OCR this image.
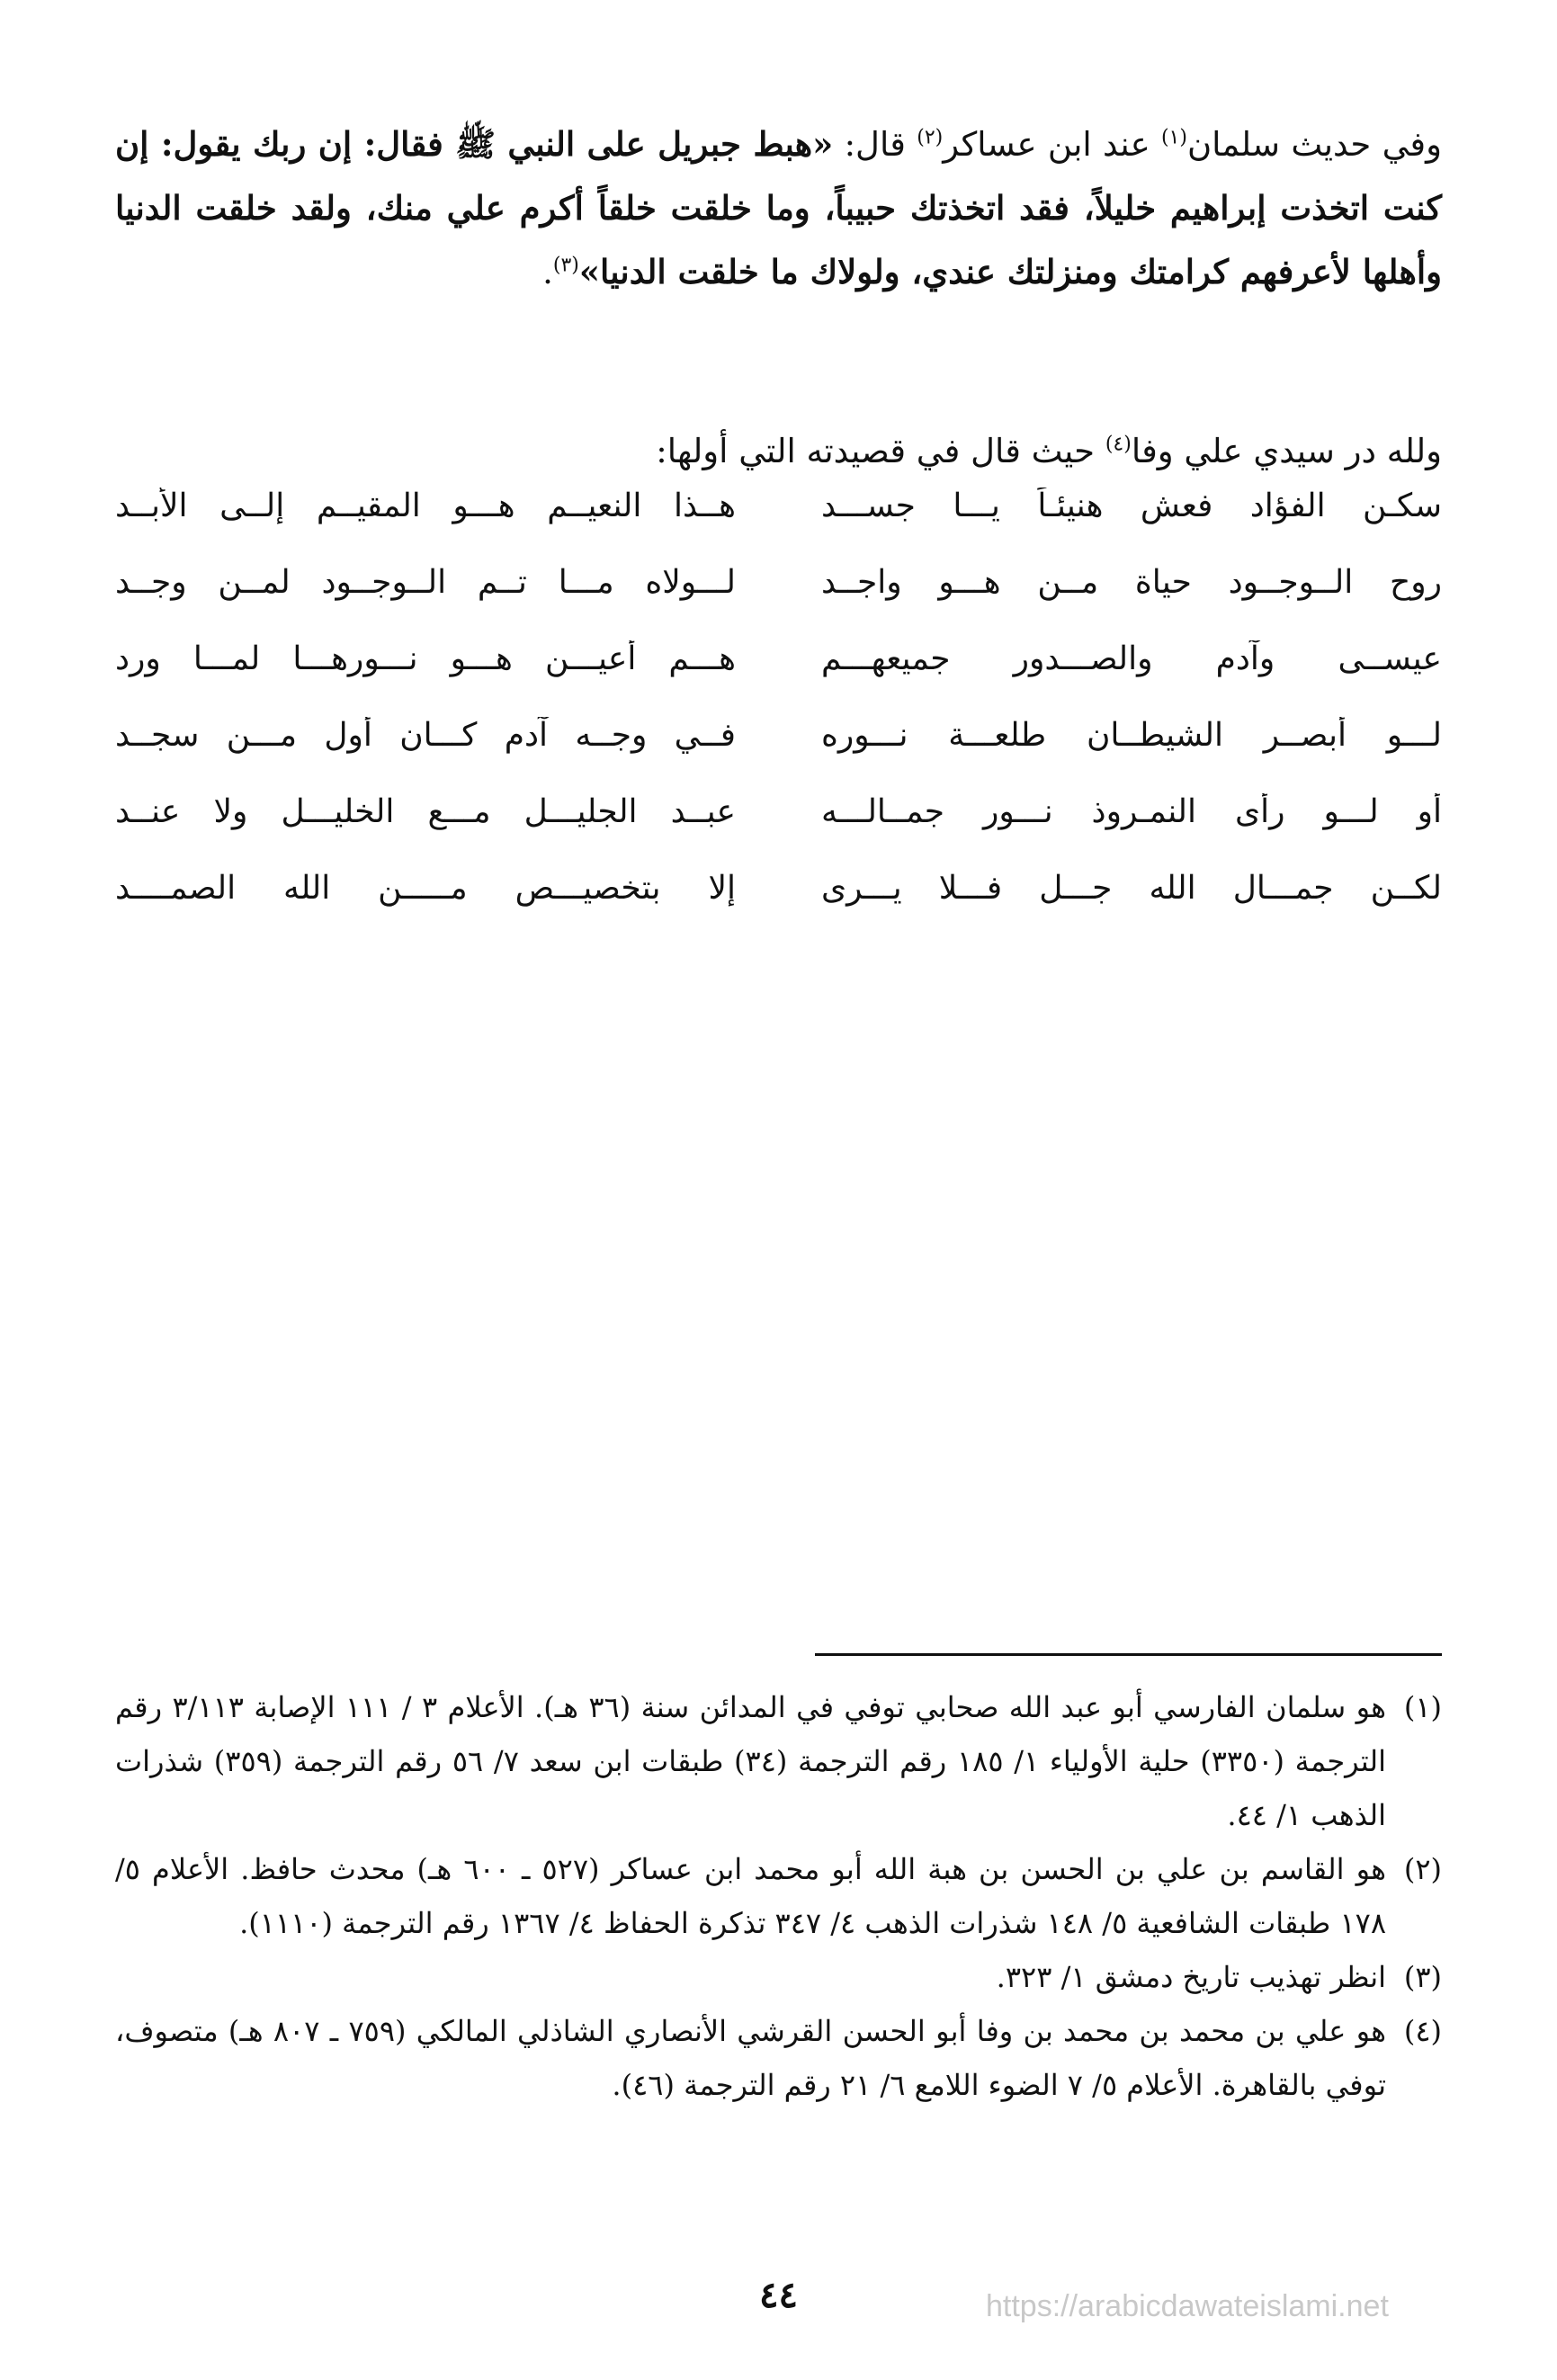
وفي حديث سلمان$^{(١)}$ عند ابن عساكر$^{(٢)}$ قال: «هبط جبريل على النبي ﷺ فقال: إن ربك يقول: إن كنت اتخذت إبراهيم خليلاً، فقد اتخذتك حبيباً، وما خلقت خلقاً أكرم علي منك، ولقد خلقت الدنيا وأهلها لأعرفهم كرامتك ومنزلتك عندي، ولولاك ما خلقت الدنيا»$^{(٣)}$.

ولله در سيدي علي وفا$^{(٤)}$ حيث قال في قصيدته التي أولها:

سكـن الفؤاد فعش هنيئـاً يـــا جســـد
هــذا النعيــم هـــو المقيــم إلــى الأبــد
روح الــوجــود حياة مــن هـــو واجــد
لـــولاه مـــا تــم الــوجــود لمــن وجــد
عيســى وآدم والصـــدور جميعهـــم
هـــم أعيـــن هـــو نـــورهـــا لمـــا ورد
لـــو أبصــر الشيطــان طلعـــة نـــوره
فــي وجــه آدم كـــان أول مـــن سجــد
أو لـــو رأى النمـروذ نـــور جمــالـــه
عبــد الجليـــل مـــع الخليـــل ولا عنــد
لكــن جمـــال الله جـــل فـــلا يـــرى
إلا بتخصيـــص مـــــن الله الصمــــد

(١)هو سلمان الفارسي أبو عبد الله صحابي توفي في المدائن سنة (٣٦ هـ). الأعلام ٣ / ١١١ الإصابة ٣/١١٣ رقم الترجمة (٣٣٥٠) حلية الأولياء ١/ ١٨٥ رقم الترجمة (٣٤) طبقات ابن سعد ٧/ ٥٦ رقم الترجمة (٣٥٩) شذرات الذهب ١/ ٤٤.

(٢)هو القاسم بن علي بن الحسن بن هبة الله أبو محمد ابن عساكر (٥٢٧ ـ ٦٠٠ هـ) محدث حافظ. الأعلام ٥/ ١٧٨ طبقات الشافعية ٥/ ١٤٨ شذرات الذهب ٤/ ٣٤٧ تذكرة الحفاظ ٤/ ١٣٦٧ رقم الترجمة (١١١٠).

(٣)انظر تهذيب تاريخ دمشق ١/ ٣٢٣.

(٤)هو علي بن محمد بن محمد بن وفا أبو الحسن القرشي الأنصاري الشاذلي المالكي (٧٥٩ ـ ٨٠٧ هـ) متصوف، توفي بالقاهرة. الأعلام ٥/ ٧ الضوء اللامع ٦/ ٢١ رقم الترجمة (٤٦).

٤٤	https://arabicdawateislami.net
